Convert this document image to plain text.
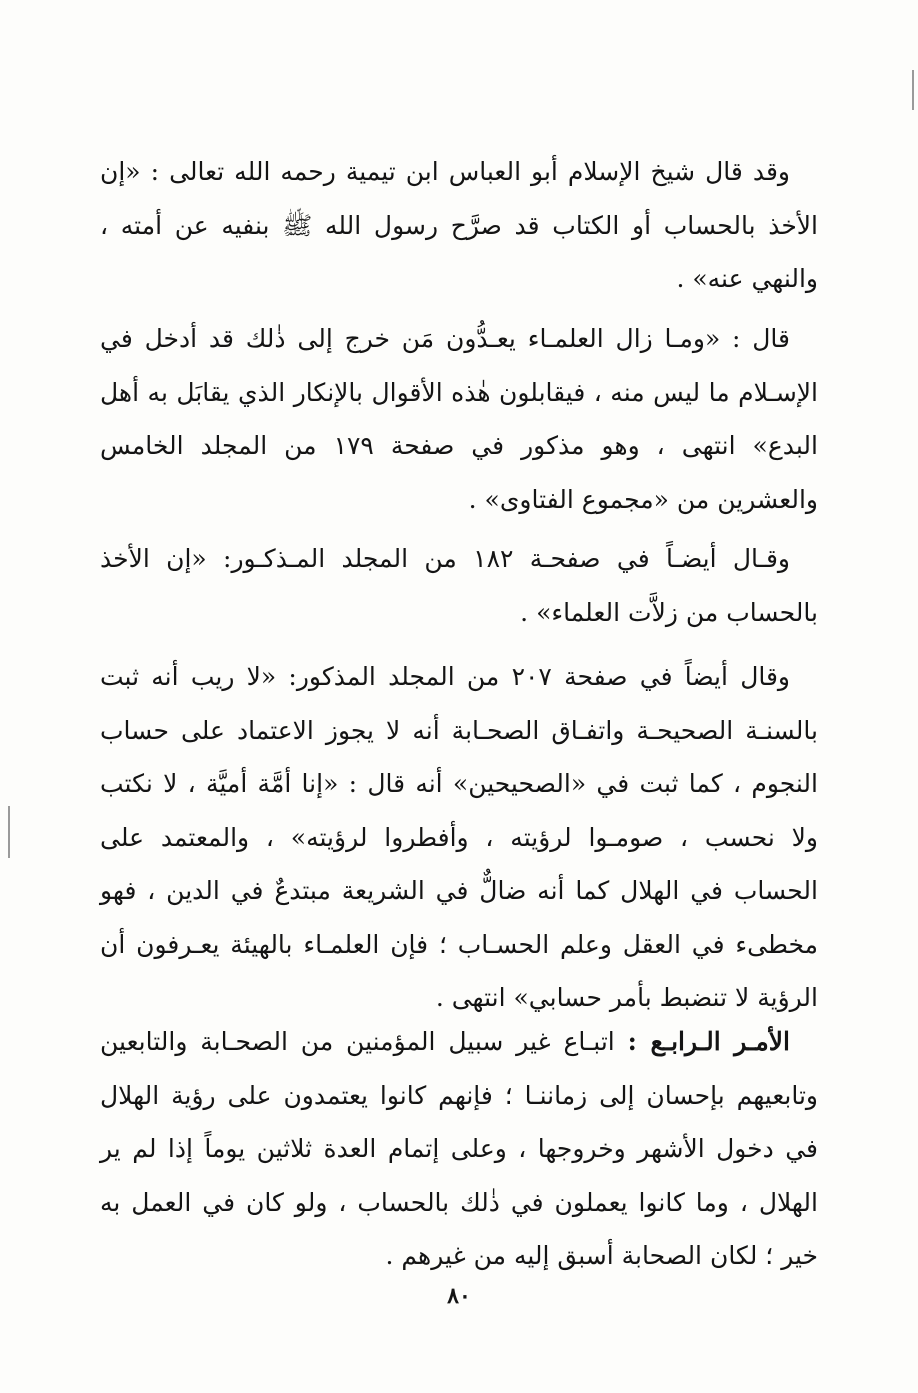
وقد قال شيخ الإسلام أبو العباس ابن تيمية رحمه الله تعالى : «إن الأخذ بالحساب أو الكتاب قد صرَّح رسول الله ﷺ بنفيه عن أمته ، والنهي عنه» .

قال : «ومـا زال العلمـاء يعـدُّون مَن خرج إلى ذٰلك قد أدخل في الإسـلام ما ليس منه ، فيقابلون هٰذه الأقوال بالإنكار الذي يقابَل به أهل البدع» انتهى ، وهو مذكور في صفحة ١٧٩ من المجلد الخامس والعشرين من «مجموع الفتاوى» .

وقـال أيضـاً في صفحـة ١٨٢ من المجلد المـذكـور: «إن الأخذ بالحساب من زلاَّت العلماء» .

وقال أيضاً في صفحة ٢٠٧ من المجلد المذكور: «لا ريب أنه ثبت بالسنـة الصحيحـة واتفـاق الصحـابة أنه لا يجوز الاعتماد على حساب النجوم ، كما ثبت في «الصحيحين» أنه قال : «إنا أمَّة أميَّة ، لا نكتب ولا نحسب ، صومـوا لرؤيته ، وأفطروا لرؤيته» ، والمعتمد على الحساب في الهلال كما أنه ضالٌّ في الشريعة مبتدعٌ في الدين ، فهو مخطىء في العقل وعلم الحسـاب ؛ فإن العلمـاء بالهيئة يعـرفون أن الرؤية لا تنضبط بأمر حسابي» انتهى .

الأمـر الـرابـع : اتبـاع غير سبيل المؤمنين من الصحـابة والتابعين وتابعيهم بإحسان إلى زماننـا ؛ فإنهم كانوا يعتمدون على رؤية الهلال في دخول الأشهر وخروجها ، وعلى إتمام العدة ثلاثين يوماً إذا لم ير الهلال ، وما كانوا يعملون في ذٰلك بالحساب ، ولو كان في العمل به خير ؛ لكان الصحابة أسبق إليه من غيرهم .

٨٠
